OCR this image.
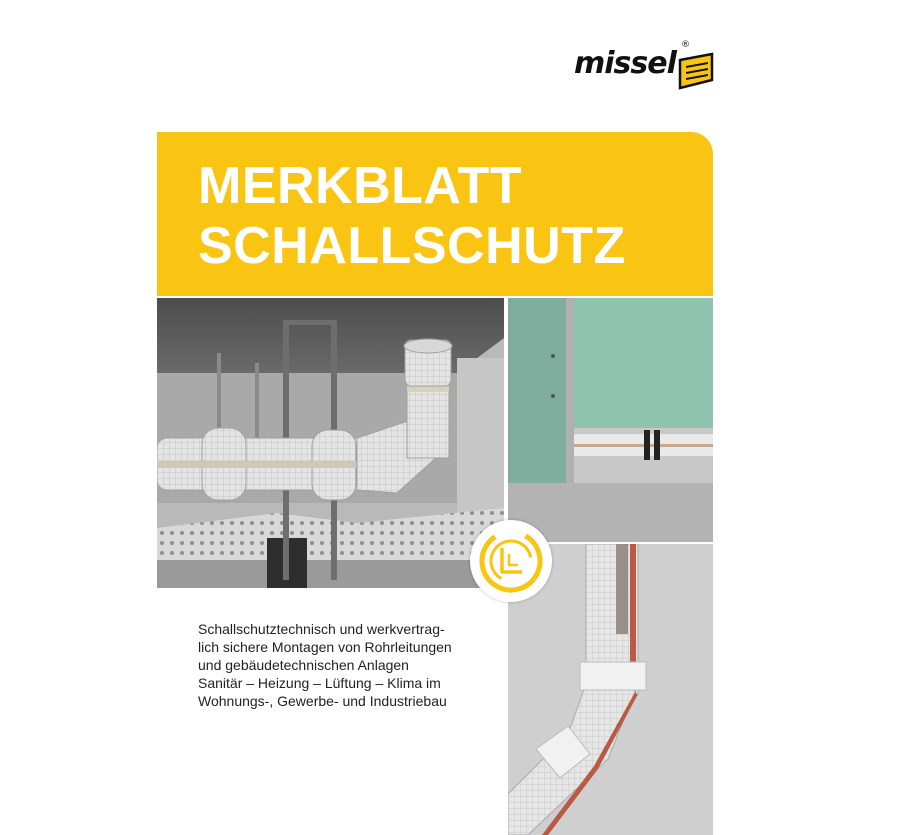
missel
®
MERKBLATT
SCHALLSCHUTZ
Schallschutztechnisch und werkvertrag-
lich sichere Montagen von Rohrleitungen
und gebäudetechnischen Anlagen
Sanitär – Heizung – Lüftung – Klima im
Wohnungs-, Gewerbe- und Industriebau
